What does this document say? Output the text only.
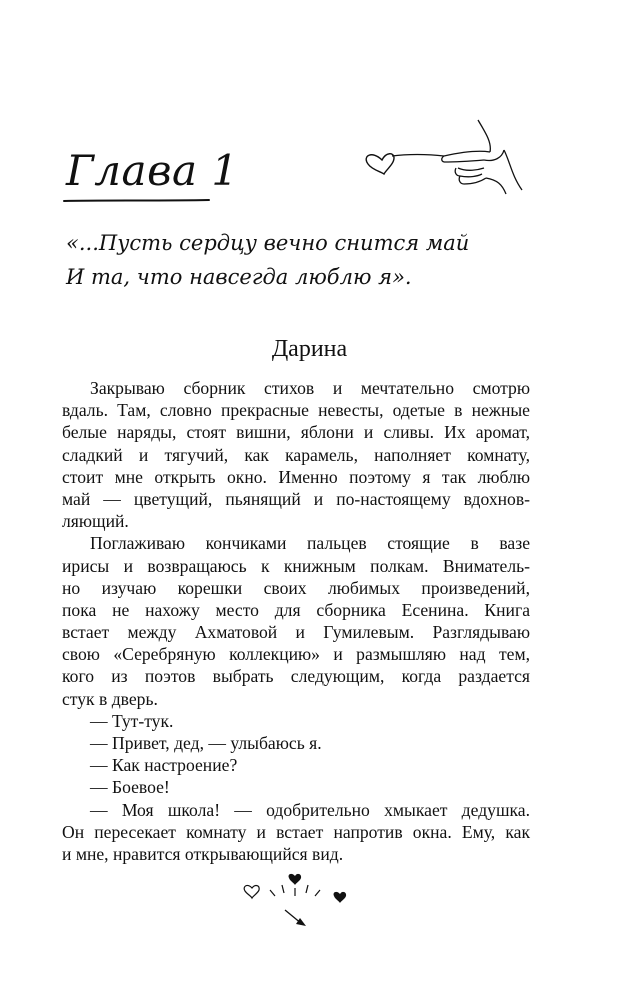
Глава 1
«...Пусть сердцу вечно снится май
И та, что навсегда люблю я».
Дарина
Закрываю сборник стихов и мечтательно смотрю
вдаль. Там, словно прекрасные невесты, одетые в нежные
белые наряды, стоят вишни, яблони и сливы. Их аромат,
сладкий и тягучий, как карамель, наполняет комнату,
стоит мне открыть окно. Именно поэтому я так люблю
май — цветущий, пьянящий и по-настоящему вдохнов-
ляющий.
Поглаживаю кончиками пальцев стоящие в вазе
ирисы и возвращаюсь к книжным полкам. Вниматель-
но изучаю корешки своих любимых произведений,
пока не нахожу место для сборника Есенина. Книга
встает между Ахматовой и Гумилевым. Разглядываю
свою «Серебряную коллекцию» и размышляю над тем,
кого из поэтов выбрать следующим, когда раздается
стук в дверь.
— Тут-тук.
— Привет, дед, — улыбаюсь я.
— Как настроение?
— Боевое!
— Моя школа! — одобрительно хмыкает дедушка.
Он пересекает комнату и встает напротив окна. Ему, как
и мне, нравится открывающийся вид.
